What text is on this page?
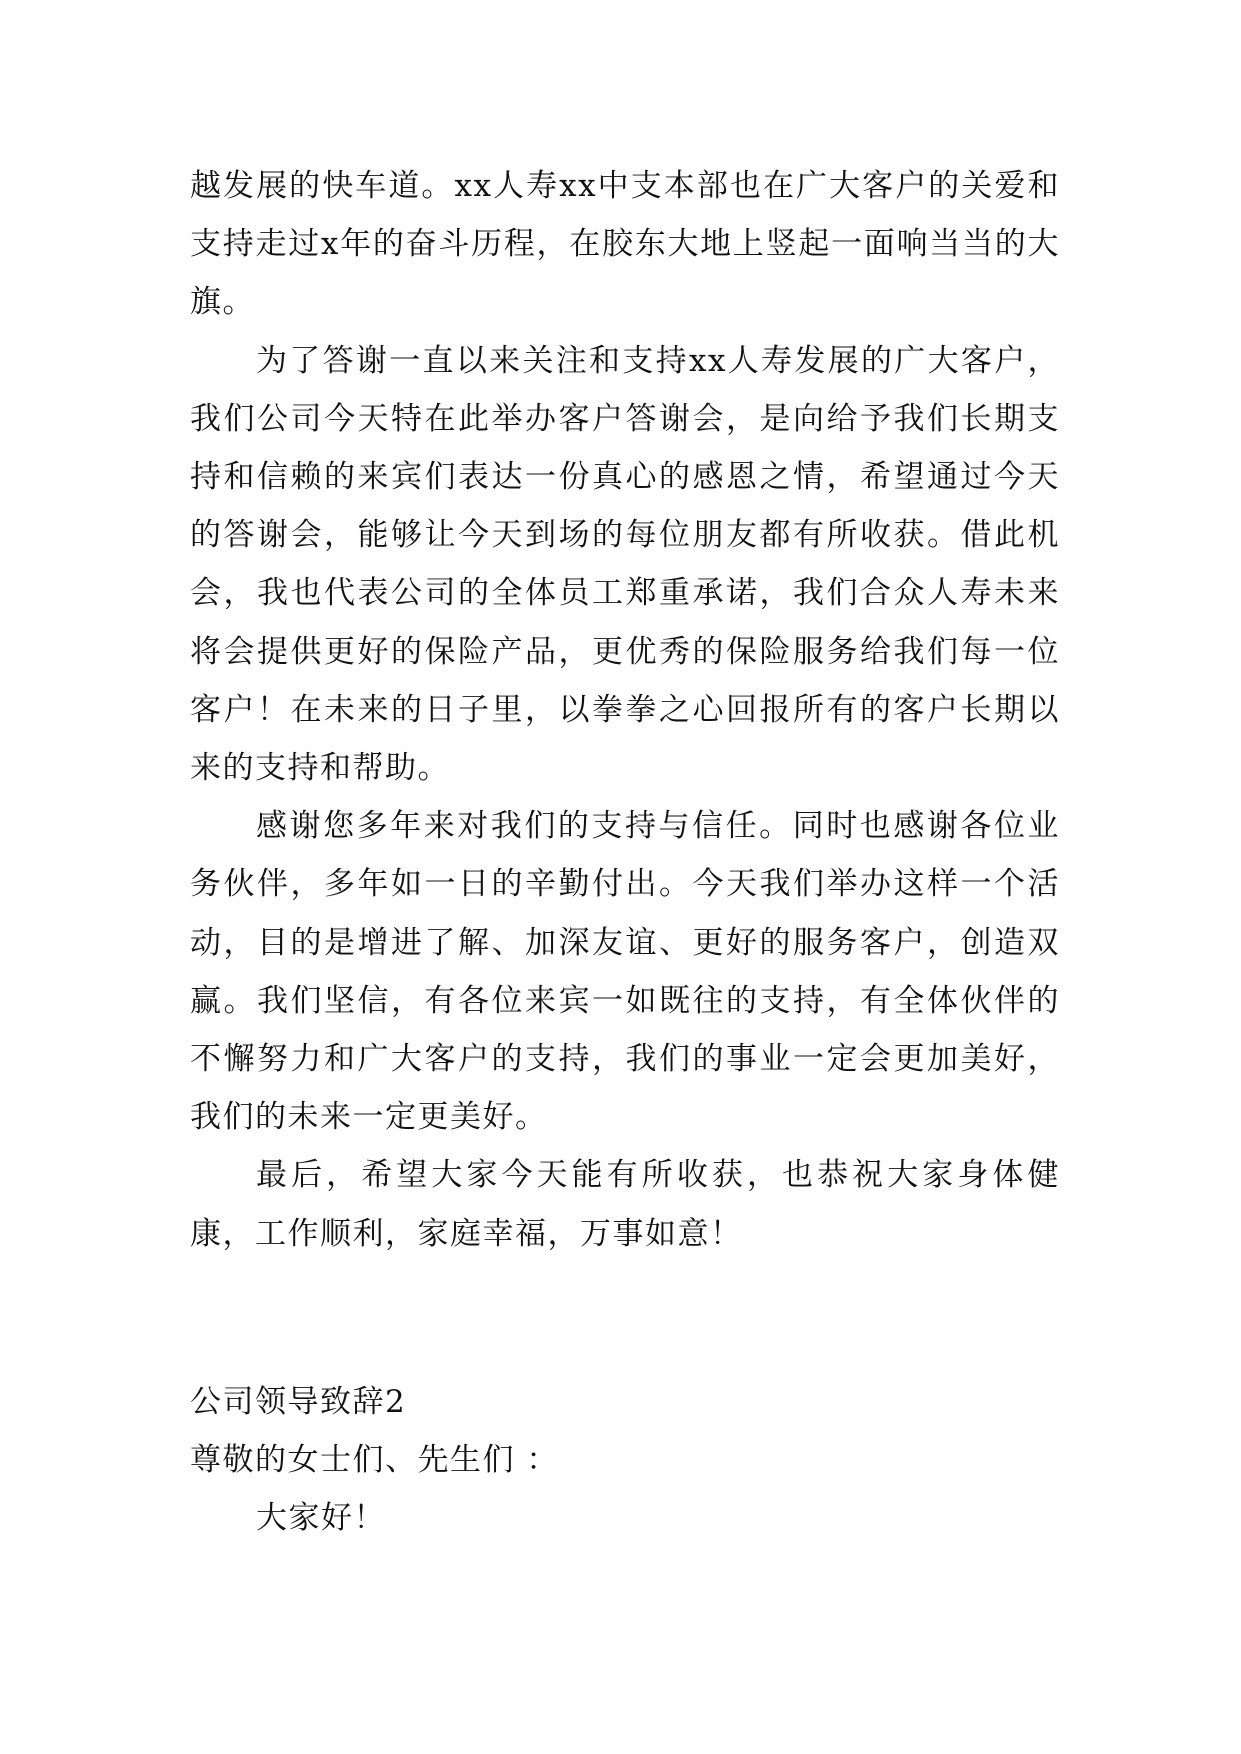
越发展的快车道。xx人寿xx中支本部也在广大客户的关爱和支持走过x年的奋斗历程，在胶东大地上竖起一面响当当的大旗。

为了答谢一直以来关注和支持xx人寿发展的广大客户，我们公司今天特在此举办客户答谢会，是向给予我们长期支持和信赖的来宾们表达一份真心的感恩之情，希望通过今天的答谢会，能够让今天到场的每位朋友都有所收获。借此机会，我也代表公司的全体员工郑重承诺，我们合众人寿未来将会提供更好的保险产品，更优秀的保险服务给我们每一位客户！在未来的日子里，以拳拳之心回报所有的客户长期以来的支持和帮助。

感谢您多年来对我们的支持与信任。同时也感谢各位业务伙伴，多年如一日的辛勤付出。今天我们举办这样一个活动，目的是增进了解、加深友谊、更好的服务客户，创造双赢。我们坚信，有各位来宾一如既往的支持，有全体伙伴的不懈努力和广大客户的支持，我们的事业一定会更加美好，我们的未来一定更美好。

最后，希望大家今天能有所收获，也恭祝大家身体健康，工作顺利，家庭幸福，万事如意！

公司领导致辞2

尊敬的女士们、先生们 ：

大家好！
